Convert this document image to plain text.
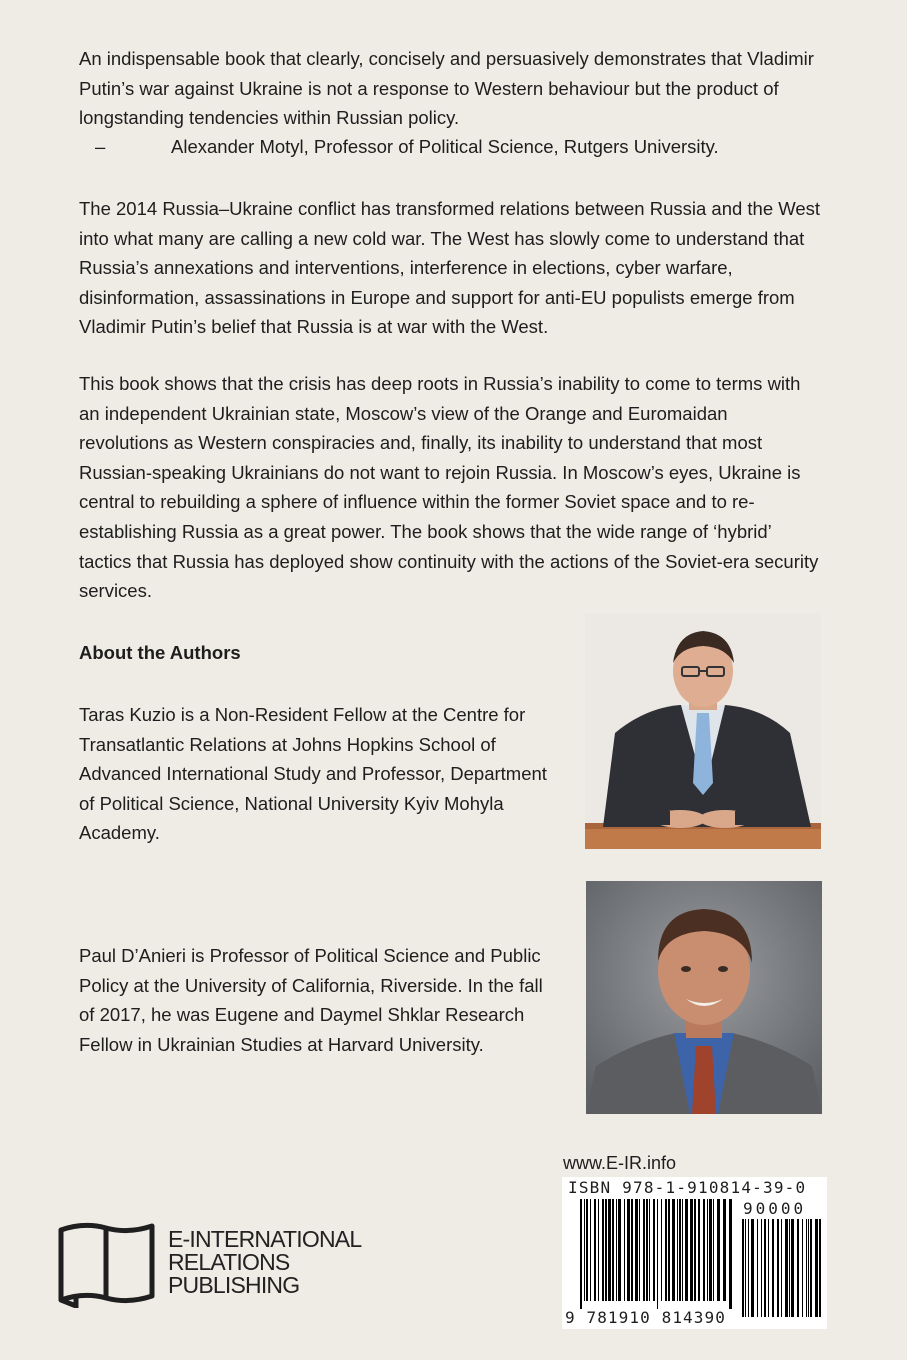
An indispensable book that clearly, concisely and persuasively demonstrates that Vladimir Putin’s war against Ukraine is not a response to Western behaviour but the product of longstanding tendencies within Russian policy.

–	Alexander Motyl, Professor of Political Science, Rutgers University.

The 2014 Russia–Ukraine conflict has transformed relations between Russia and the West into what many are calling a new cold war. The West has slowly come to understand that Russia’s annexations and interventions, interference in elections, cyber warfare, disinformation, assassinations in Europe and support for anti-EU populists emerge from Vladimir Putin’s belief that Russia is at war with the West.

This book shows that the crisis has deep roots in Russia’s inability to come to terms with an independent Ukrainian state, Moscow’s view of the Orange and Euromaidan revolutions as Western conspiracies and, finally, its inability to understand that most Russian-speaking Ukrainians do not want to rejoin Russia. In Moscow’s eyes, Ukraine is central to rebuilding a sphere of influence within the former Soviet space and to re-establishing Russia as a great power. The book shows that the wide range of ‘hybrid’ tactics that Russia has deployed show continuity with the actions of the Soviet-era security services.

About the Authors

Taras Kuzio is a Non-Resident Fellow at the Centre for Transatlantic Relations at Johns Hopkins School of Advanced International Study and Professor, Department of Political Science, National University Kyiv Mohyla Academy.

Paul D’Anieri is Professor of Political Science and Public Policy at the University of California, Riverside. In the fall of 2017, he was Eugene and Daymel Shklar Research Fellow in Ukrainian Studies at Harvard University.

www.E-IR.info
ISBN 978-1-910814-39-0
90000
9 781910 814390
E-INTERNATIONAL
RELATIONS
PUBLISHING
